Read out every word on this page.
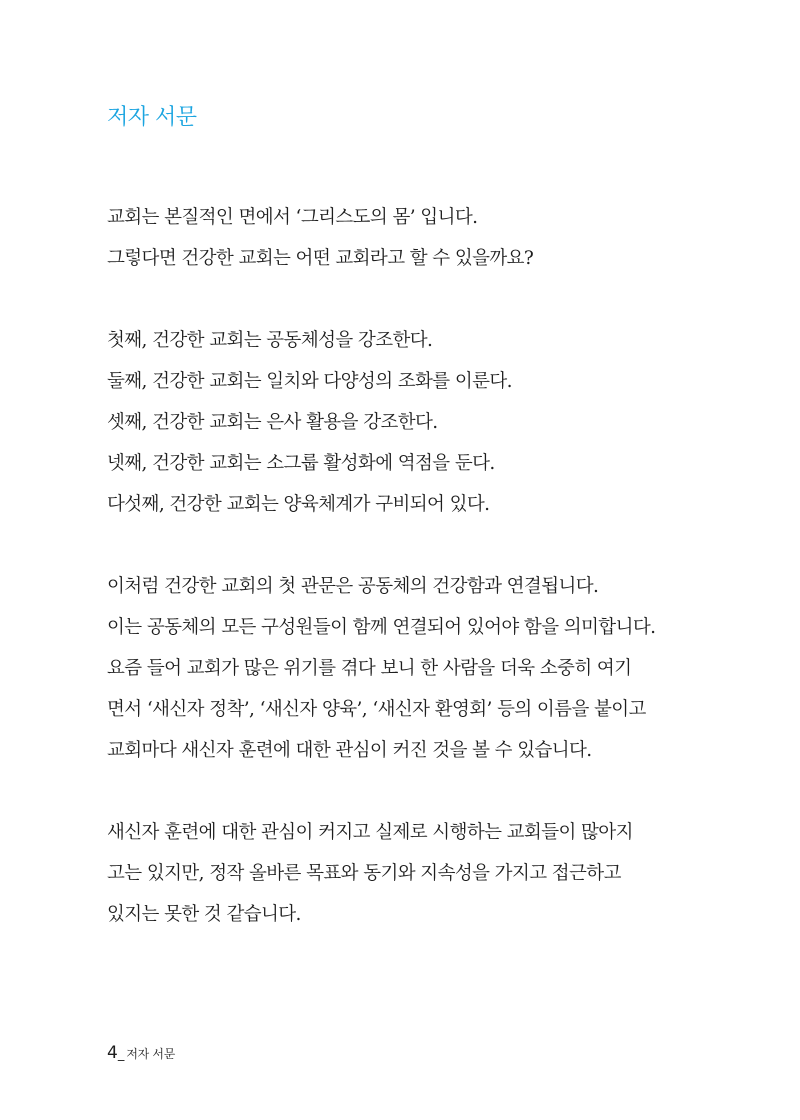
저자 서문

교회는 본질적인 면에서 ‘그리스도의 몸’ 입니다.
그렇다면 건강한 교회는 어떤 교회라고 할 수 있을까요?

첫째, 건강한 교회는 공동체성을 강조한다.
둘째, 건강한 교회는 일치와 다양성의 조화를 이룬다.
셋째, 건강한 교회는 은사 활용을 강조한다.
넷째, 건강한 교회는 소그룹 활성화에 역점을 둔다.
다섯째, 건강한 교회는 양육체계가 구비되어 있다.

이처럼 건강한 교회의 첫 관문은 공동체의 건강함과 연결됩니다.
이는 공동체의 모든 구성원들이 함께 연결되어 있어야 함을 의미합니다.
요즘 들어 교회가 많은 위기를 겪다 보니 한 사람을 더욱 소중히 여기
면서 ‘새신자 정착’, ‘새신자 양육’, ‘새신자 환영회’ 등의 이름을 붙이고
교회마다 새신자 훈련에 대한 관심이 커진 것을 볼 수 있습니다.

새신자 훈련에 대한 관심이 커지고 실제로 시행하는 교회들이 많아지
고는 있지만, 정작 올바른 목표와 동기와 지속성을 가지고 접근하고
있지는 못한 것 같습니다.

4 _ 저자 서문
